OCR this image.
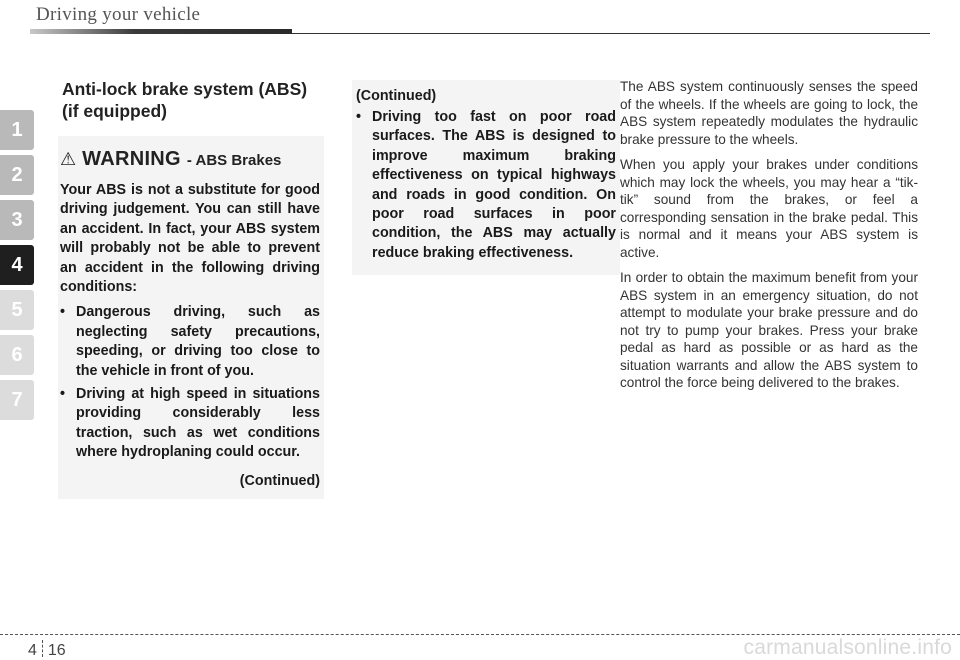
Driving your vehicle
1
2
3
4
5
6
7
Anti-lock brake system (ABS) (if equipped)
⚠ WARNING - ABS Brakes

Your ABS is not a substitute for good driving judgement. You can still have an accident. In fact, your ABS system will probably not be able to prevent an accident in the following driving conditions:

• Dangerous driving, such as neglecting safety precautions, speeding, or driving too close to the vehicle in front of you.
• Driving at high speed in situations providing considerably less traction, such as wet conditions where hydroplaning could occur.
(Continued)
(Continued)
• Driving too fast on poor road surfaces. The ABS is designed to improve maximum braking effectiveness on typical highways and roads in good condition. On poor road surfaces in poor condition, the ABS may actually reduce braking effectiveness.

The ABS system continuously senses the speed of the wheels. If the wheels are going to lock, the ABS system repeatedly modulates the hydraulic brake pressure to the wheels.

When you apply your brakes under conditions which may lock the wheels, you may hear a “tik-tik” sound from the brakes, or feel a corresponding sensation in the brake pedal. This is normal and it means your ABS system is active.

In order to obtain the maximum benefit from your ABS system in an emergency situation, do not attempt to modulate your brake pressure and do not try to pump your brakes. Press your brake pedal as hard as possible or as hard as the situation warrants and allow the ABS system to control the force being delivered to the brakes.

4 16	carmanualsonline.info
